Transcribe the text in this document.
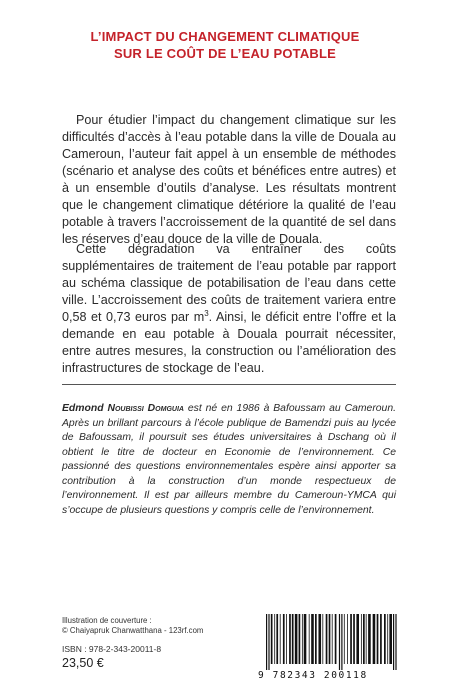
L’IMPACT DU CHANGEMENT CLIMATIQUE
SUR LE COÛT DE L’EAU POTABLE

Pour étudier l’impact du changement climatique sur les difficultés d’accès à l’eau potable dans la ville de Douala au Cameroun, l’auteur fait appel à un ensemble de méthodes (scénario et analyse des coûts et bénéfices entre autres) et à un ensemble d’outils d’analyse. Les résultats montrent que le changement climatique détériore la qualité de l’eau potable à travers l’accroissement de la quantité de sel dans les réserves d’eau douce de la ville de Douala.

Cette dégradation va entraîner des coûts supplémentaires de traitement de l’eau potable par rapport au schéma classique de potabilisation de l’eau dans cette ville. L’accroissement des coûts de traitement variera entre 0,58 et 0,73 euros par $m^3$. Ainsi, le déficit entre l’offre et la demande en eau potable à Douala pourrait nécessiter, entre autres mesures, la construction ou l’amélioration des infrastructures de stockage de l’eau.

Edmond Noubissi Domguia est né en 1986 à Bafoussam au Cameroun. Après un brillant parcours à l’école publique de Bamendzi puis au lycée de Bafoussam, il poursuit ses études universitaires à Dschang où il obtient le titre de docteur en Economie de l’environnement. Ce passionné des questions environnementales espère ainsi apporter sa contribution à la construction d’un monde respectueux de l’environnement. Il est par ailleurs membre du Cameroun-YMCA qui s’occupe de plusieurs questions y compris celle de l’environnement.

Illustration de couverture :
© Chaiyapruk Chanwatthana - 123rf.com
ISBN : 978-2-343-20011-8
23,50 €
9 782343 200118
